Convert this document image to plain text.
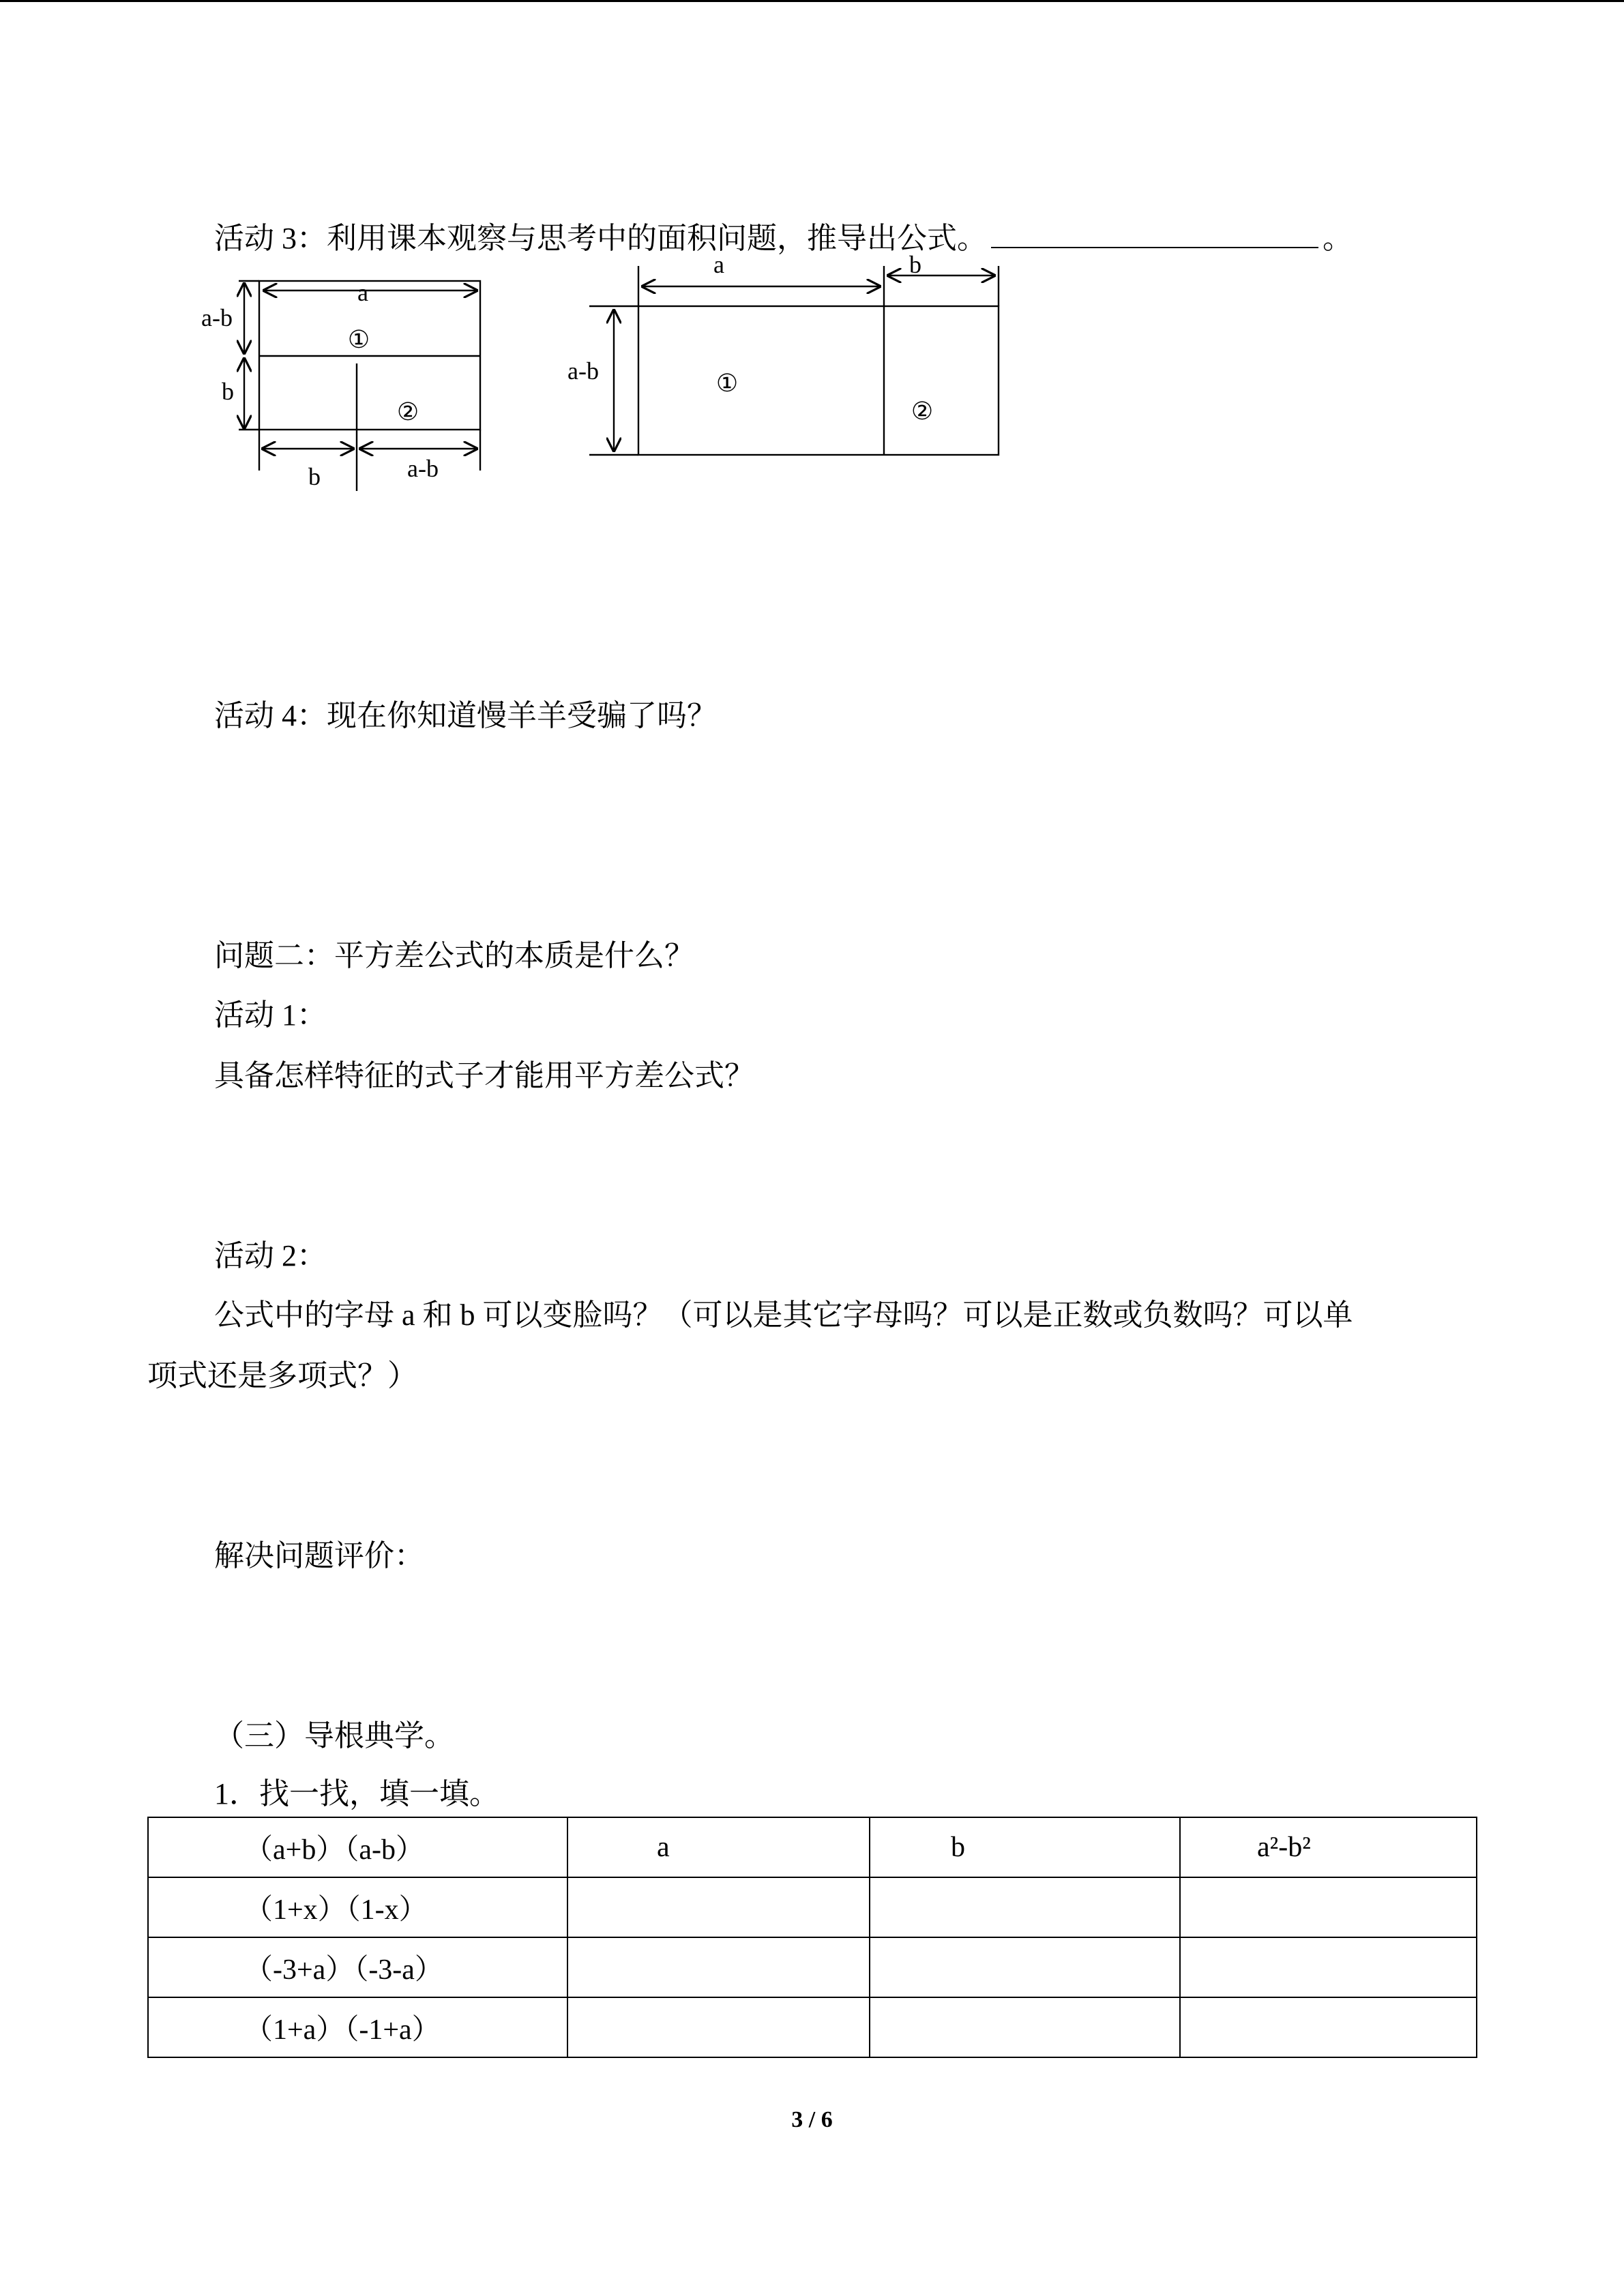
活动 3：利用课本观察与思考中的面积问题，推导出公式。	。
a
a-b
b
①
②
b	a-b
a	b
a-b	①
②
活动 4：现在你知道慢羊羊受骗了吗？
问题二：平方差公式的本质是什么？
活动 1：
具备怎样特征的式子才能用平方差公式？
活动 2：
公式中的字母 a 和 b 可以变脸吗？（可以是其它字母吗？可以是正数或负数吗？可以单
项式还是多项式？）
解决问题评价：
（三）导根典学。
1．找一找，填一填。
（a+b）（a-b）	a	b	a²-b²
（1+x）（1-x）			
（-3+a）（-3-a）			
（1+a）（-1+a）			
3 / 6
